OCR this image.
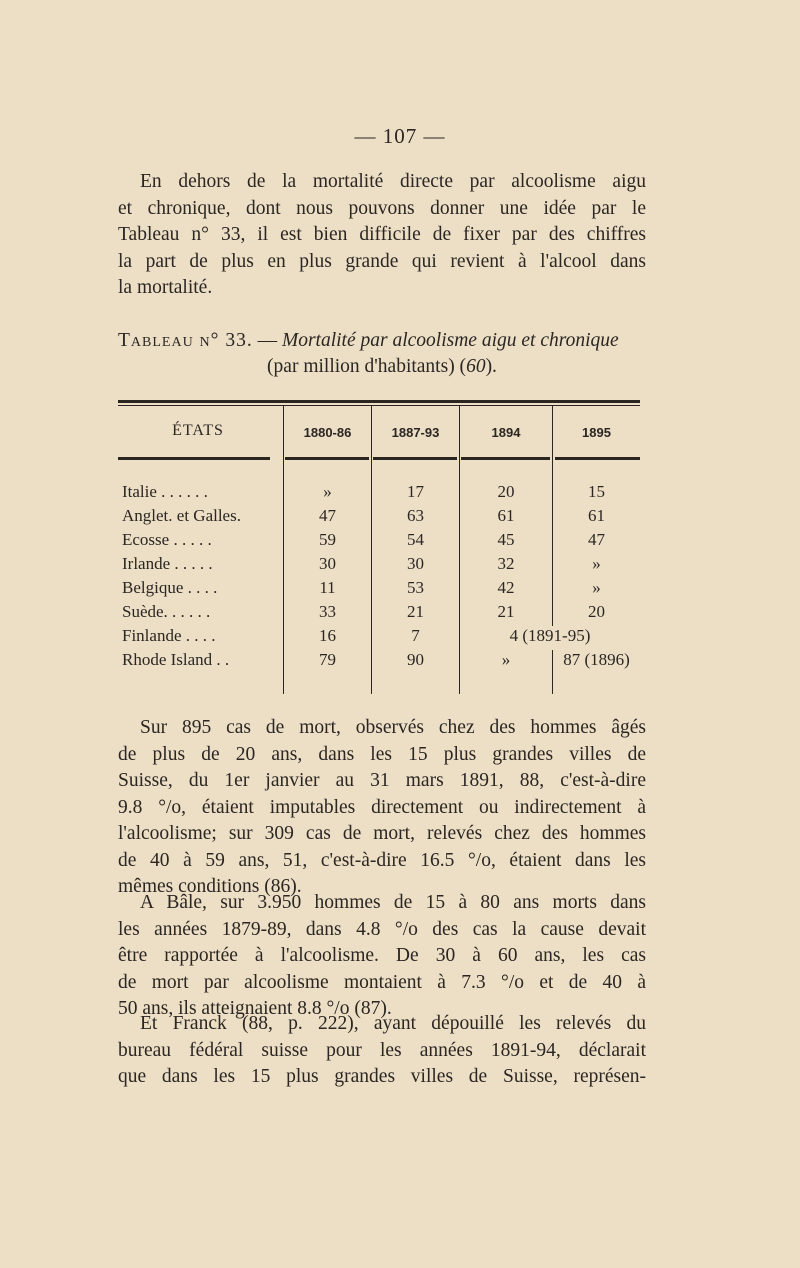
— 107 —

En dehors de la mortalité directe par alcoolisme aigu
et chronique, dont nous pouvons donner une idée par le
Tableau n° 33, il est bien difficile de fixer par des chiffres
la part de plus en plus grande qui revient à l'alcool dans
la mortalité.

Tableau n° 33. — Mortalité par alcoolisme aigu et chronique
(par million d'habitants) (60).
ÉTATS	1880-86	1887-93	1894	1895
Italie . . . . . .	»	17	20	15
Anglet. et Galles.	47	63	61	61
Ecosse . . . . .	59	54	45	47
Irlande . . . . .	30	30	32	»
Belgique . . . .	11	53	42	»
Suède. . . . . .	33	21	21	20
Finlande . . . .	16	7	4 (1891-95)
Rhode Island . .	79	90	»	87 (1896)

Sur 895 cas de mort, observés chez des hommes âgés
de plus de 20 ans, dans les 15 plus grandes villes de
Suisse, du 1er janvier au 31 mars 1891, 88, c'est-à-dire
9.8 °/o, étaient imputables directement ou indirectement à
l'alcoolisme; sur 309 cas de mort, relevés chez des hommes
de 40 à 59 ans, 51, c'est-à-dire 16.5 °/o, étaient dans les
mêmes conditions (86).

A Bâle, sur 3.950 hommes de 15 à 80 ans morts dans
les années 1879-89, dans 4.8 °/o des cas la cause devait
être rapportée à l'alcoolisme. De 30 à 60 ans, les cas
de mort par alcoolisme montaient à 7.3 °/o et de 40 à
50 ans, ils atteignaient 8.8 °/o (87).

Et Franck (88, p. 222), ayant dépouillé les relevés du
bureau fédéral suisse pour les années 1891-94, déclarait
que dans les 15 plus grandes villes de Suisse, représen-
